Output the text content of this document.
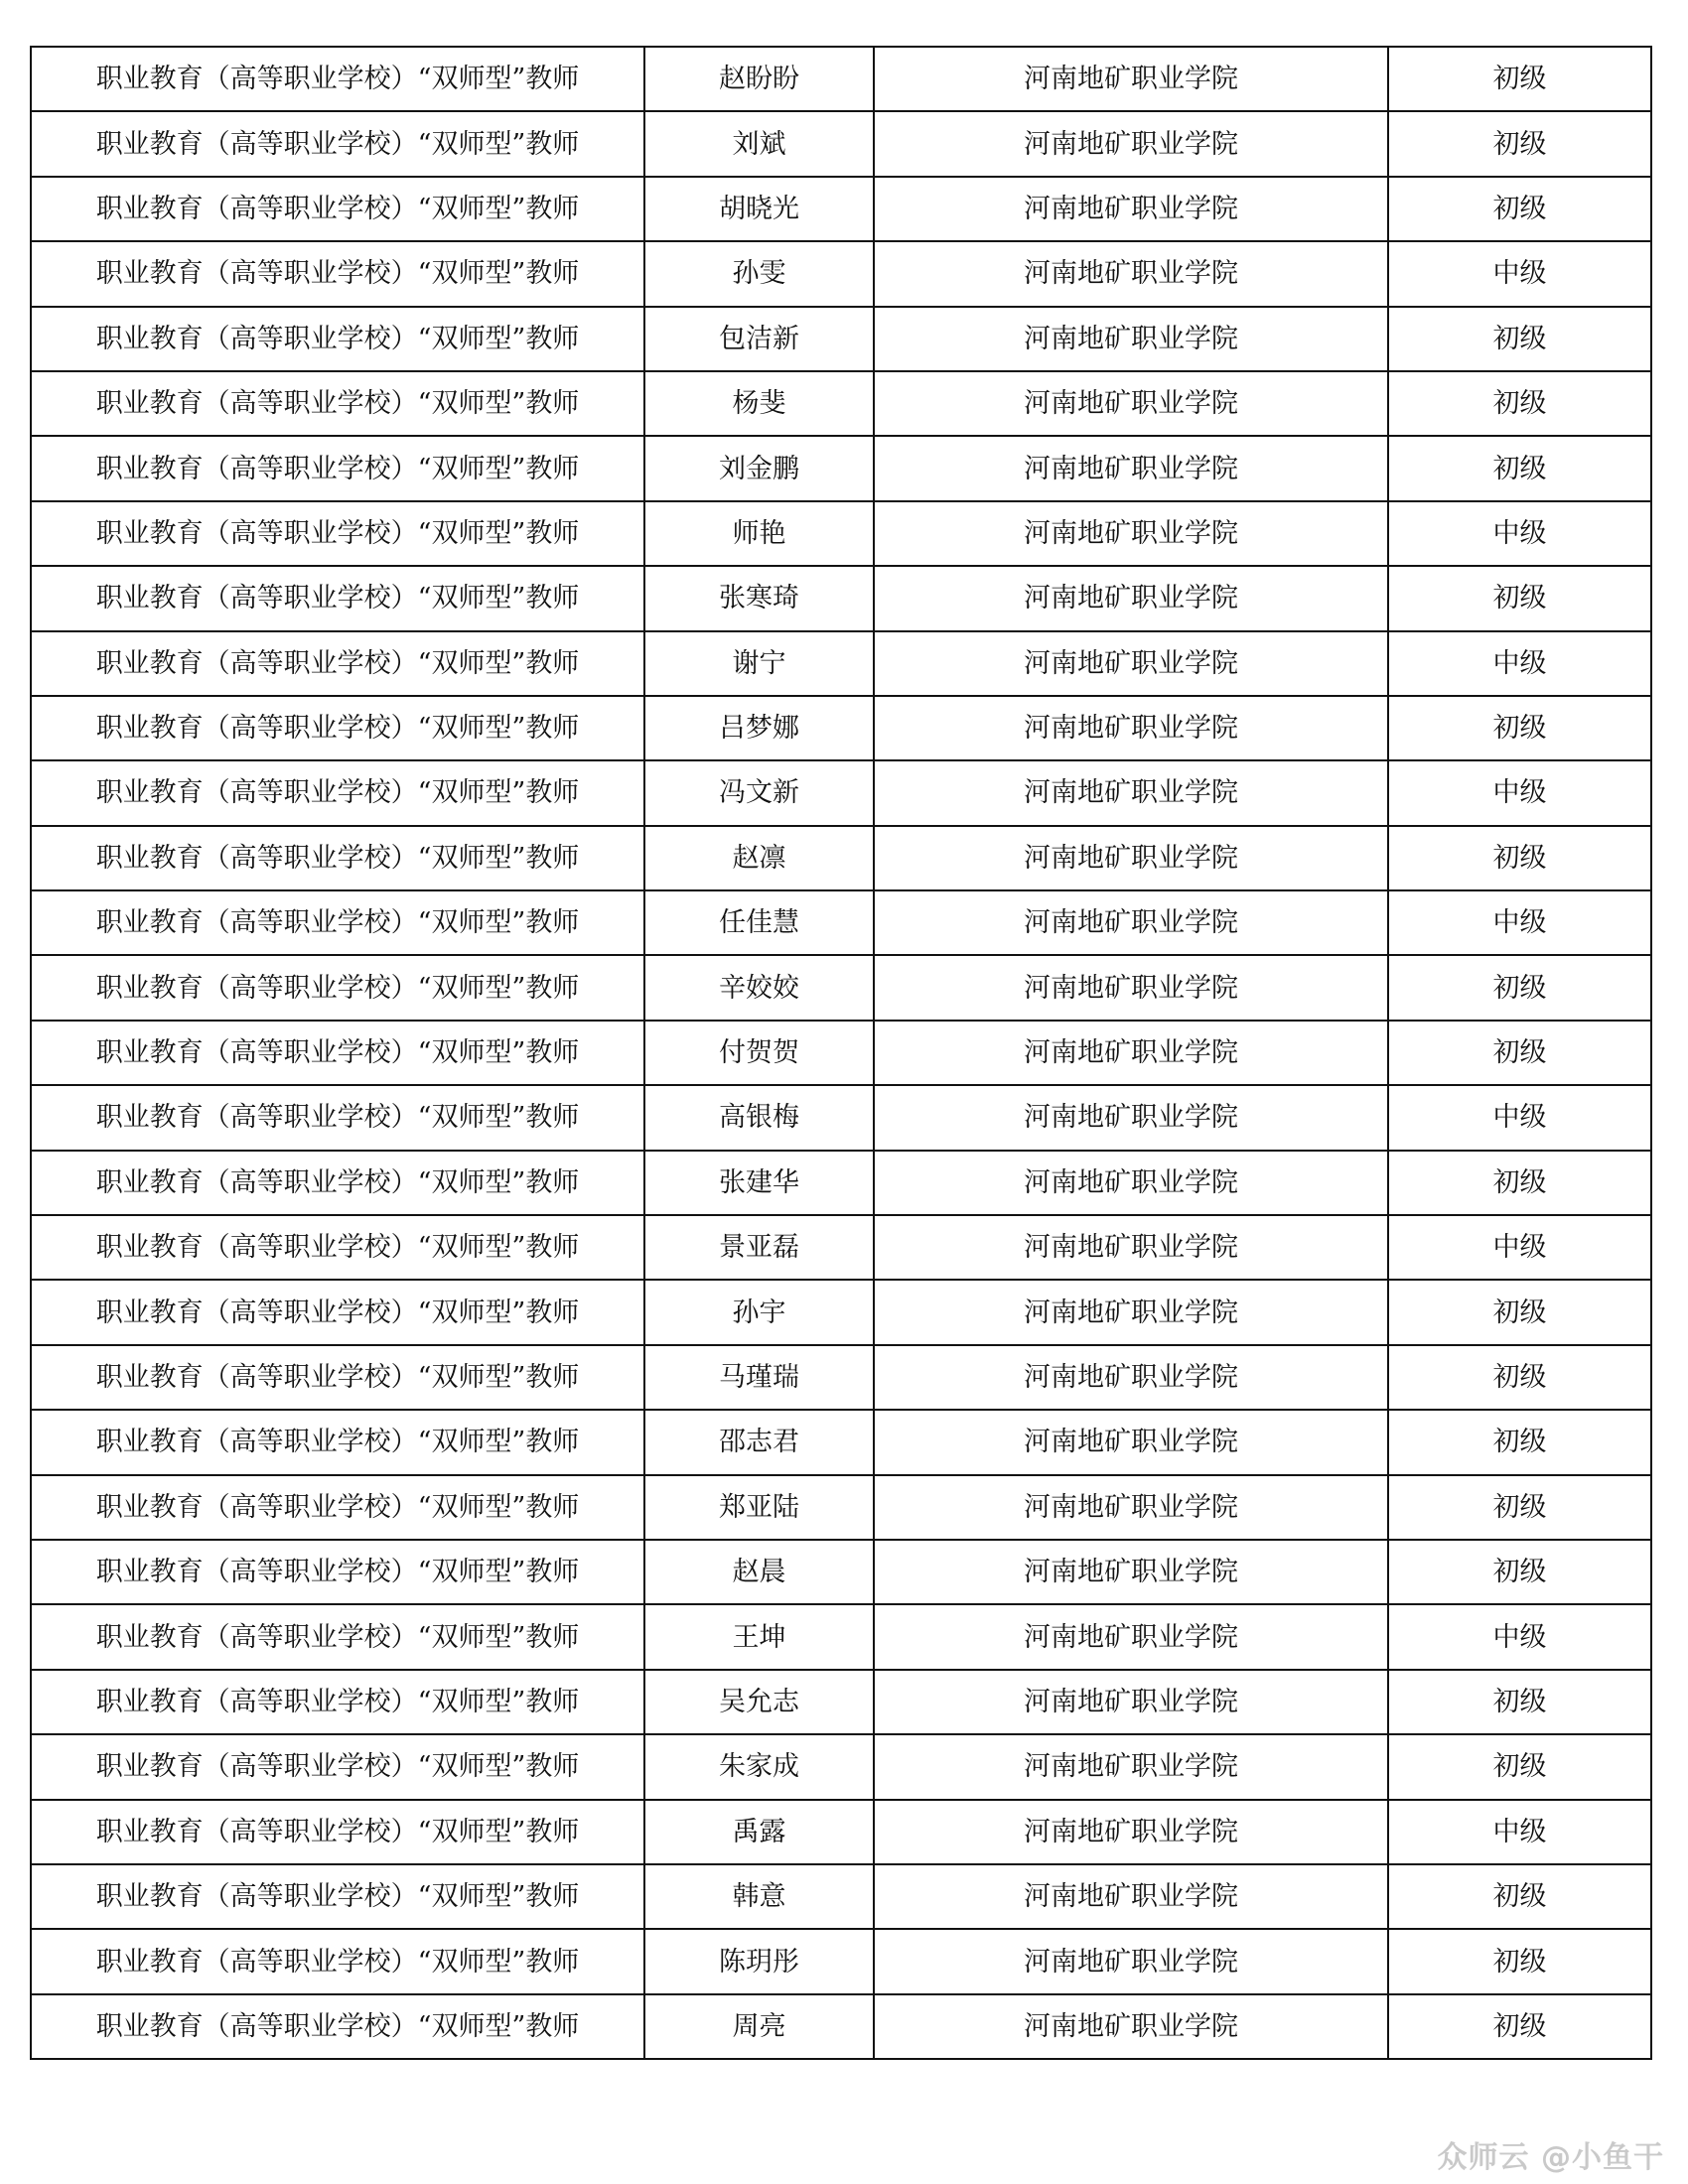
职业教育（高等职业学校）“双师型”教师	赵盼盼	河南地矿职业学院	初级
职业教育（高等职业学校）“双师型”教师	刘斌	河南地矿职业学院	初级
职业教育（高等职业学校）“双师型”教师	胡晓光	河南地矿职业学院	初级
职业教育（高等职业学校）“双师型”教师	孙雯	河南地矿职业学院	中级
职业教育（高等职业学校）“双师型”教师	包洁新	河南地矿职业学院	初级
职业教育（高等职业学校）“双师型”教师	杨斐	河南地矿职业学院	初级
职业教育（高等职业学校）“双师型”教师	刘金鹏	河南地矿职业学院	初级
职业教育（高等职业学校）“双师型”教师	师艳	河南地矿职业学院	中级
职业教育（高等职业学校）“双师型”教师	张寒琦	河南地矿职业学院	初级
职业教育（高等职业学校）“双师型”教师	谢宁	河南地矿职业学院	中级
职业教育（高等职业学校）“双师型”教师	吕梦娜	河南地矿职业学院	初级
职业教育（高等职业学校）“双师型”教师	冯文新	河南地矿职业学院	中级
职业教育（高等职业学校）“双师型”教师	赵凛	河南地矿职业学院	初级
职业教育（高等职业学校）“双师型”教师	任佳慧	河南地矿职业学院	中级
职业教育（高等职业学校）“双师型”教师	辛姣姣	河南地矿职业学院	初级
职业教育（高等职业学校）“双师型”教师	付贺贺	河南地矿职业学院	初级
职业教育（高等职业学校）“双师型”教师	高银梅	河南地矿职业学院	中级
职业教育（高等职业学校）“双师型”教师	张建华	河南地矿职业学院	初级
职业教育（高等职业学校）“双师型”教师	景亚磊	河南地矿职业学院	中级
职业教育（高等职业学校）“双师型”教师	孙宇	河南地矿职业学院	初级
职业教育（高等职业学校）“双师型”教师	马瑾瑞	河南地矿职业学院	初级
职业教育（高等职业学校）“双师型”教师	邵志君	河南地矿职业学院	初级
职业教育（高等职业学校）“双师型”教师	郑亚陆	河南地矿职业学院	初级
职业教育（高等职业学校）“双师型”教师	赵晨	河南地矿职业学院	初级
职业教育（高等职业学校）“双师型”教师	王坤	河南地矿职业学院	中级
职业教育（高等职业学校）“双师型”教师	吴允志	河南地矿职业学院	初级
职业教育（高等职业学校）“双师型”教师	朱家成	河南地矿职业学院	初级
职业教育（高等职业学校）“双师型”教师	禹露	河南地矿职业学院	中级
职业教育（高等职业学校）“双师型”教师	韩意	河南地矿职业学院	初级
职业教育（高等职业学校）“双师型”教师	陈玥彤	河南地矿职业学院	初级
职业教育（高等职业学校）“双师型”教师	周亮	河南地矿职业学院	初级
众师云 @小鱼干
